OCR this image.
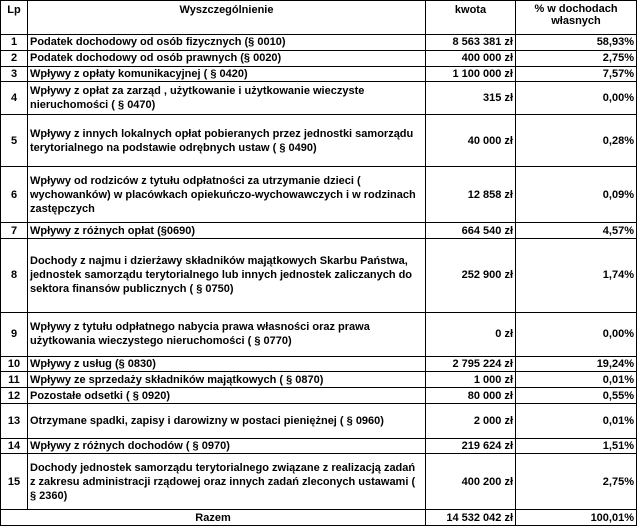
Lp	Wyszczególnienie	kwota	% w dochodach własnych
1	Podatek dochodowy od osób fizycznych (§ 0010)	8 563 381 zł	58,93%
2	Podatek dochodowy od osób prawnych (§ 0020)	400 000 zł	2,75%
3	Wpływy z opłaty komunikacyjnej ( § 0420)	1 100 000 zł	7,57%
4	Wpływy z opłat za zarząd , użytkowanie i użytkowanie wieczyste nieruchomości ( § 0470)	315 zł	0,00%
5	Wpływy z innych lokalnych opłat pobieranych przez jednostki samorządu terytorialnego na podstawie odrębnych ustaw ( § 0490)	40 000 zł	0,28%
6	Wpływy od rodziców z tytułu odpłatności za utrzymanie dzieci ( wychowanków) w placówkach opiekuńczo-wychowawczych i w rodzinach zastępczych	12 858 zł	0,09%
7	Wpływy z różnych opłat (§0690)	664 540 zł	4,57%
8	Dochody z najmu i dzierżawy składników majątkowych Skarbu Państwa, jednostek samorządu terytorialnego lub innych jednostek zaliczanych do sektora finansów publicznych ( § 0750)	252 900 zł	1,74%
9	Wpływy z tytułu odpłatnego nabycia prawa własności oraz prawa użytkowania wieczystego nieruchomości ( § 0770)	0 zł	0,00%
10	Wpływy z usług (§ 0830)	2 795 224 zł	19,24%
11	Wpływy ze sprzedaży składników majątkowych ( § 0870)	1 000 zł	0,01%
12	Pozostałe odsetki ( § 0920)	80 000 zł	0,55%
13	Otrzymane spadki, zapisy i darowizny w postaci pieniężnej ( § 0960)	2 000 zł	0,01%
14	Wpływy z różnych dochodów ( § 0970)	219 624 zł	1,51%
15	Dochody jednostek samorządu terytorialnego związane z realizacją zadań z zakresu administracji rządowej oraz innych zadań zleconych ustawami ( § 2360)	400 200 zł	2,75%
Razem		14 532 042 zł	100,01%
